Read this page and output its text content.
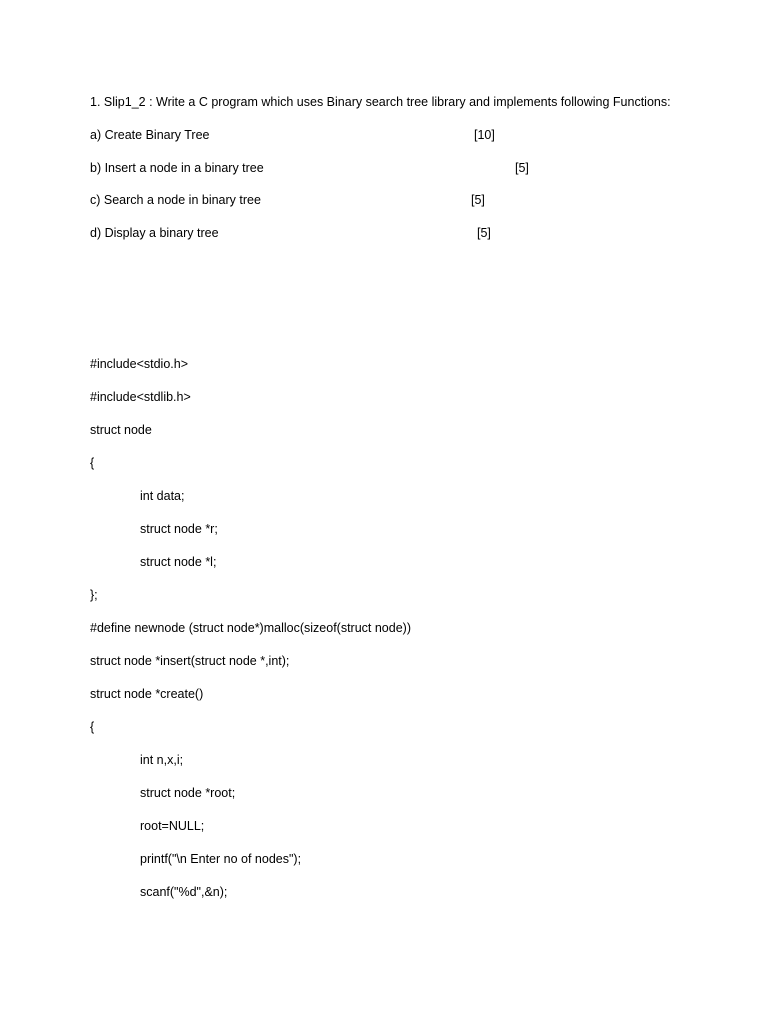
1. Slip1_2 : Write a C program which uses Binary search tree library and implements following Functions:
a) Create Binary Tree	[10]
b) Insert a node in a binary tree	[5]
c) Search a node in binary tree	[5]
d) Display a binary tree	[5]
#include<stdio.h>
#include<stdlib.h>
struct node
{
int data;
struct node *r;
struct node *l;
};
#define newnode (struct node*)malloc(sizeof(struct node))
struct node *insert(struct node *,int);
struct node *create()
{
int n,x,i;
struct node *root;
root=NULL;
printf("\n Enter no of nodes");
scanf("%d",&n);
